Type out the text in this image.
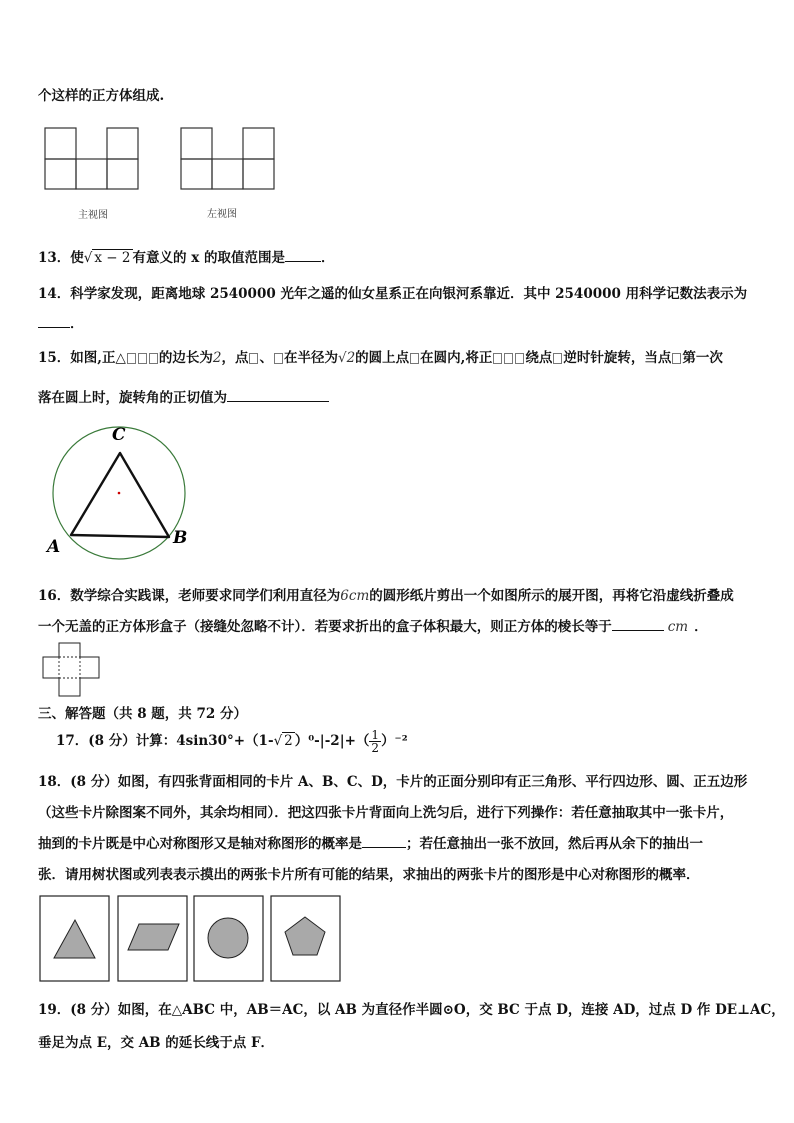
个这样的正方体组成.
主视图	左视图
13．使√ x − 2 有意义的 x 的取值范围是	．
14．科学家发现，距离地球 2540000 光年之遥的仙女星系正在向银河系靠近．其中 2540000 用科学记数法表示为
．
15．如图,正△ 的边长为2，点 、 在半径为√2的圆上点 在圆内,将正 绕点 逆时针旋转，当点 第一次
落在圆上时，旋转角的正切值为
C
A	B
16．数学综合实践课，老师要求同学们利用直径为6cm的圆形纸片剪出一个如图所示的展开图，再将它沿虚线折叠成
一个无盖的正方体形盒子（接缝处忽略不计）．若要求折出的盒子体积最大，则正方体的棱长等于	cm ．
三、解答题（共 8 题，共 72 分）
17．(8 分）计算：4sin30°+（1-√ 2 ）$^0-|-2|+( \frac{1}{2} )^{-2}$
18．(8 分）如图，有四张背面相同的卡片 A、B、C、D，卡片的正面分别印有正三角形、平行四边形、圆、正五边形
（这些卡片除图案不同外，其余均相同）．把这四张卡片背面向上洗匀后，进行下列操作：若任意抽取其中一张卡片，
抽到的卡片既是中心对称图形又是轴对称图形的概率是	；若任意抽出一张不放回，然后再从余下的抽出一
张．请用树状图或列表表示摸出的两张卡片所有可能的结果，求抽出的两张卡片的图形是中心对称图形的概率．
19．(8 分）如图，在△ABC 中，AB＝AC，以 AB 为直径作半圆⊙O，交 BC 于点 D，连接 AD，过点 D 作 DE⊥AC，
垂足为点 E，交 AB 的延长线于点 F．
